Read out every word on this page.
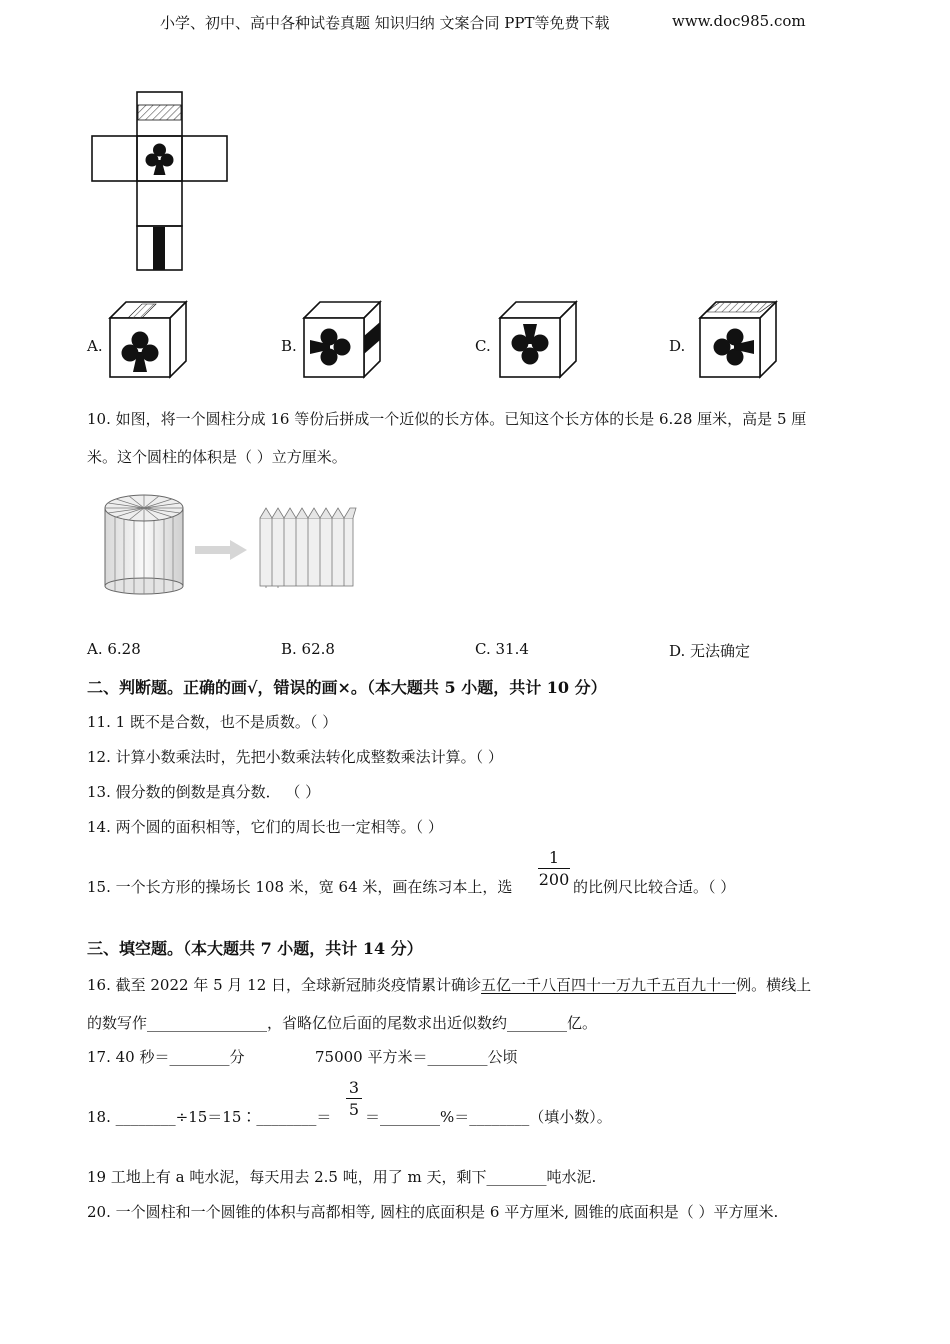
小学、初中、高中各种试卷真题 知识归纳 文案合同 PPT等免费下载	www.doc985.com
A.	B.	C.	D.
10. 如图，将一个圆柱分成 16 等份后拼成一个近似的长方体。已知这个长方体的长是 6.28 厘米，高是 5 厘
米。这个圆柱的体积是（ ）立方厘米。
A. 6.28	B. 62.8	C. 31.4	D. 无法确定
二、判断题。正确的画√，错误的画×。（本大题共 5 小题，共计 10 分）
11. 1 既不是合数，也不是质数。（ ）
12. 计算小数乘法时，先把小数乘法转化成整数乘法计算。（ ）
13. 假分数的倒数是真分数． （ ）
14. 两个圆的面积相等，它们的周长也一定相等。（ ）
15. 一个长方形的操场长 108 米，宽 64 米，画在练习本上，选
1
200 的比例尺比较合适。（ ）
三、填空题。（本大题共 7 小题，共计 14 分）
16. 截至 2022 年 5 月 12 日，全球新冠肺炎疫情累计确诊五亿一千八百四十一万九千五百九十一例。横线上
的数写作________________，省略亿位后面的尾数求出近似数约________亿。
17. 40 秒＝________分	75000 平方米＝________公顷
18. ________÷15＝15∶________＝
3
5 ＝________%＝________（填小数）。
19 工地上有 a 吨水泥，每天用去 2.5 吨，用了 m 天，剩下________吨水泥.
20. 一个圆柱和一个圆锥的体积与高都相等, 圆柱的底面积是 6 平方厘米, 圆锥的底面积是（ ）平方厘米.
